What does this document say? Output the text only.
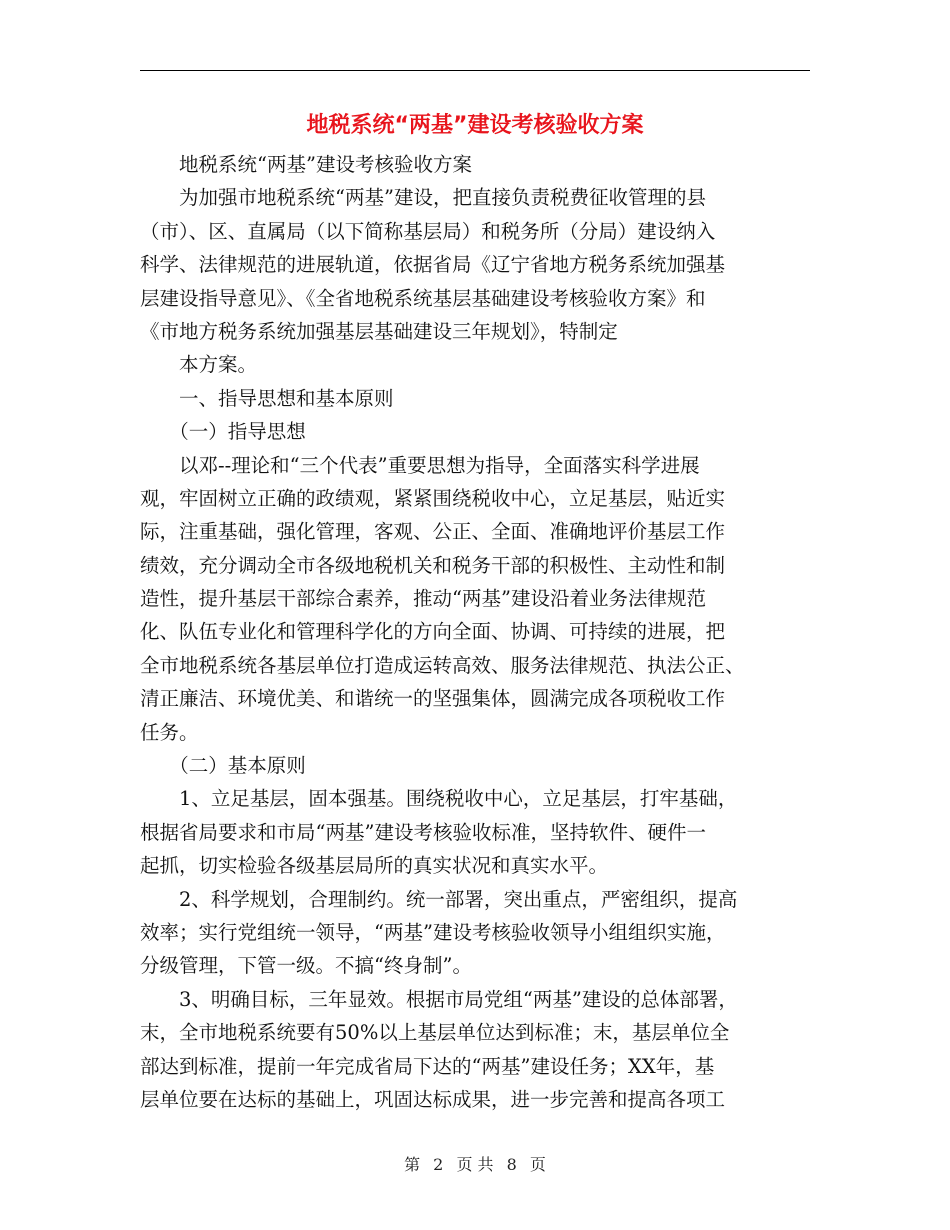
地税系统“两基”建设考核验收方案
　　地税系统“两基”建设考核验收方案
　　为加强市地税系统“两基”建设，把直接负责税费征收管理的县
（市）、区、直属局（以下简称基层局）和税务所（分局）建设纳入
科学、法律规范的进展轨道，依据省局《辽宁省地方税务系统加强基
层建设指导意见》、《全省地税系统基层基础建设考核验收方案》和
《市地方税务系统加强基层基础建设三年规划》，特制定
　　本方案。
　　一、指导思想和基本原则
　　（一）指导思想
　　以邓--理论和“三个代表”重要思想为指导，全面落实科学进展
观，牢固树立正确的政绩观，紧紧围绕税收中心，立足基层，贴近实
际，注重基础，强化管理，客观、公正、全面、准确地评价基层工作
绩效，充分调动全市各级地税机关和税务干部的积极性、主动性和制
造性，提升基层干部综合素养，推动“两基”建设沿着业务法律规范
化、队伍专业化和管理科学化的方向全面、协调、可持续的进展，把
全市地税系统各基层单位打造成运转高效、服务法律规范、执法公正、
清正廉洁、环境优美、和谐统一的坚强集体，圆满完成各项税收工作
任务。
　　（二）基本原则
　　1、立足基层，固本强基。围绕税收中心，立足基层，打牢基础，
根据省局要求和市局“两基”建设考核验收标准，坚持软件、硬件一
起抓，切实检验各级基层局所的真实状况和真实水平。
　　2、科学规划，合理制约。统一部署，突出重点，严密组织，提高
效率；实行党组统一领导，“两基”建设考核验收领导小组组织实施，
分级管理，下管一级。不搞“终身制”。
　　3、明确目标，三年显效。根据市局党组“两基”建设的总体部署，
末，全市地税系统要有50%以上基层单位达到标准；末，基层单位全
部达到标准，提前一年完成省局下达的“两基”建设任务；XX年，基
层单位要在达标的基础上，巩固达标成果，进一步完善和提高各项工
第 2 页 共 8 页
